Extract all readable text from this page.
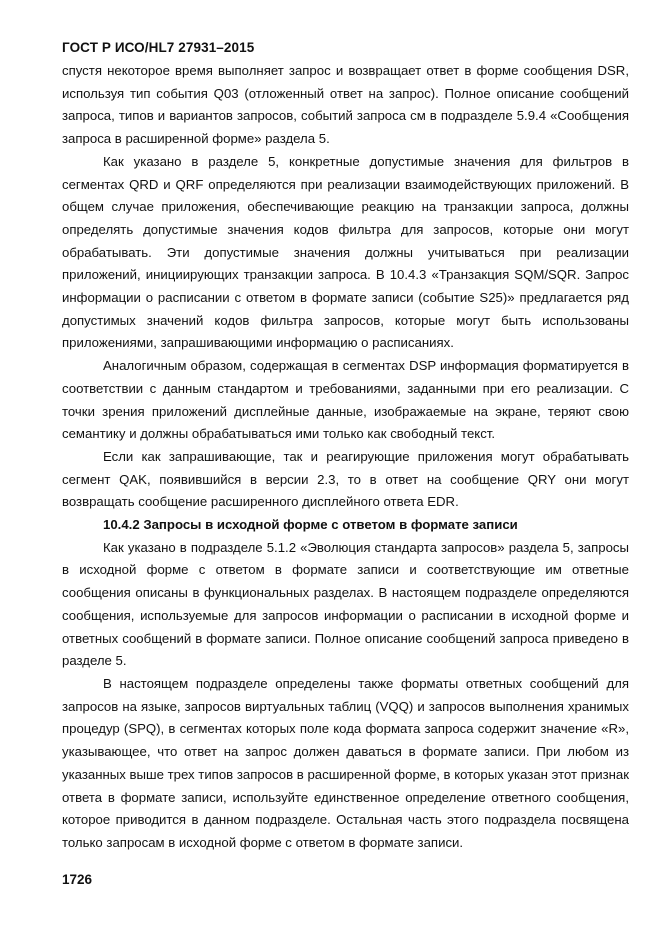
ГОСТ Р ИСО/HL7 27931–2015

спустя некоторое время выполняет запрос и возвращает ответ в форме сообщения DSR, используя тип события Q03 (отложенный ответ на запрос). Полное описание сообщений запроса, типов и вариантов запросов, событий запроса см в подразделе 5.9.4 «Сообщения запроса в расширенной форме» раздела 5.

Как указано в разделе 5, конкретные допустимые значения для фильтров в сегментах QRD и QRF определяются при реализации взаимодействующих приложений. В общем случае приложения, обеспечивающие реакцию на транзакции запроса, должны определять допустимые значения кодов фильтра для запросов, которые они могут обрабатывать. Эти допустимые значения должны учитываться при реализации приложений, инициирующих транзакции запроса. В 10.4.3 «Транзакция SQM/SQR. Запрос информации о расписании с ответом в формате записи (событие S25)» предлагается ряд допустимых значений кодов фильтра запросов, которые могут быть использованы приложениями, запрашивающими информацию о расписаниях.

Аналогичным образом, содержащая в сегментах DSP информация форматируется в соответствии с данным стандартом и требованиями, заданными при его реализации. С точки зрения приложений дисплейные данные, изображаемые на экране, теряют свою семантику и должны обрабатываться ими только как свободный текст.

Если как запрашивающие, так и реагирующие приложения могут обрабатывать сегмент QAK, появившийся в версии 2.3, то в ответ на сообщение QRY они могут возвращать сообщение расширенного дисплейного ответа EDR.

10.4.2 Запросы в исходной форме с ответом в формате записи

Как указано в подразделе 5.1.2 «Эволюция стандарта запросов» раздела 5, запросы в исходной форме с ответом в формате записи и соответствующие им ответные сообщения описаны в функциональных разделах. В настоящем подразделе определяются сообщения, используемые для запросов информации о расписании в исходной форме и ответных сообщений в формате записи. Полное описание сообщений запроса приведено в разделе 5.

В настоящем подразделе определены также форматы ответных сообщений для запросов на языке, запросов виртуальных таблиц (VQQ) и запросов выполнения хранимых процедур (SPQ), в сегментах которых поле кода формата запроса содержит значение «R», указывающее, что ответ на запрос должен даваться в формате записи. При любом из указанных выше трех типов запросов в расширенной форме, в которых указан этот признак ответа в формате записи, используйте единственное определение ответного сообщения, которое приводится в данном подразделе. Остальная часть этого подраздела посвящена только запросам в исходной форме с ответом в формате записи.

1726
